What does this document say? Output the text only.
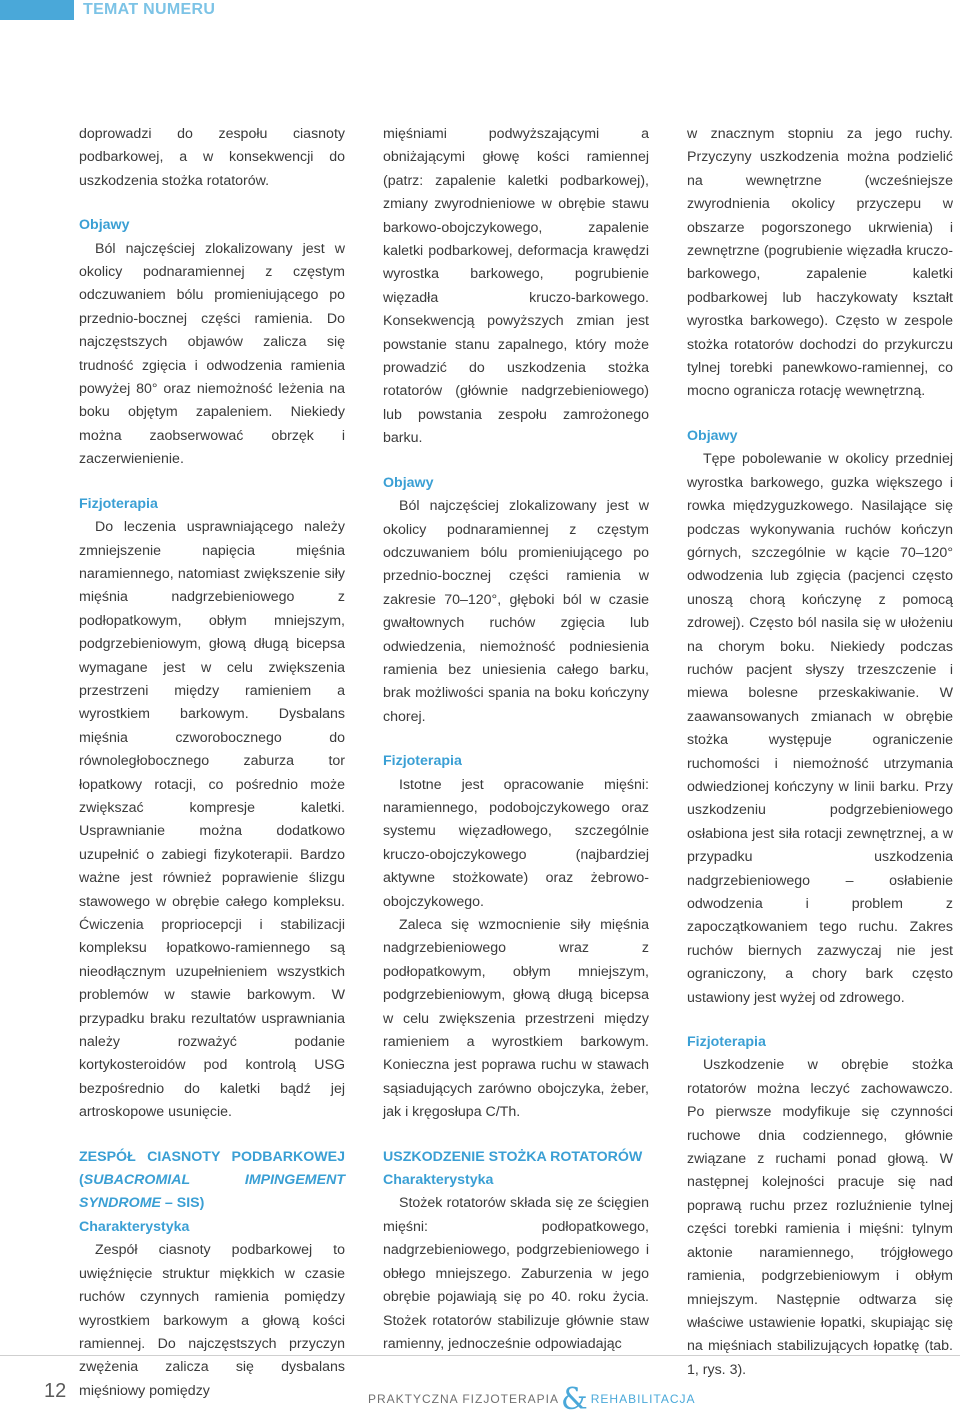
TEMAT NUMERU

doprowadzi do zespołu ciasnoty podbarkowej, a w konsekwencji do uszkodzenia stożka rotatorów.

Objawy

Ból najczęściej zlokalizowany jest w okolicy podnaramiennej z częstym odczuwaniem bólu promieniującego po przednio-bocznej części ramienia. Do najczęstszych objawów zalicza się trudność zgięcia i odwodzenia ramienia powyżej 80° oraz niemożność leżenia na boku objętym zapaleniem. Niekiedy można zaobserwować obrzęk i zaczerwienienie.

Fizjoterapia

Do leczenia usprawniającego należy zmniejszenie napięcia mięśnia naramiennego, natomiast zwiększenie siły mięśnia nadgrzebieniowego z podłopatkowym, obłym mniejszym, podgrzebieniowym, głową długą bicepsa wymagane jest w celu zwiększenia przestrzeni między ramieniem a wyrostkiem barkowym. Dysbalans mięśnia czworobocznego do równoległobocznego zaburza tor łopatkowy rotacji, co pośrednio może zwiększać kompresje kaletki. Usprawnianie można dodatkowo uzupełnić o zabiegi fizykoterapii. Bardzo ważne jest również poprawienie ślizgu stawowego w obrębie całego kompleksu. Ćwiczenia propriocepcji i stabilizacji kompleksu łopatkowo-ramiennego są nieodłącznym uzupełnieniem wszystkich problemów w stawie barkowym. W przypadku braku rezultatów usprawniania należy rozważyć podanie kortykosteroidów pod kontrolą USG bezpośrednio do kaletki bądź jej artroskopowe usunięcie.

ZESPÓŁ CIASNOTY PODBARKOWEJ (SUBACROMIAL IMPINGEMENT SYNDROME – SIS)

Charakterystyka

Zespół ciasnoty podbarkowej to uwięźnięcie struktur miękkich w czasie ruchów czynnych ramienia pomiędzy wyrostkiem barkowym a głową kości ramiennej. Do najczęstszych przyczyn zwężenia zalicza się dysbalans mięśniowy pomiędzy

mięśniami podwyższającymi a obniżającymi głowę kości ramiennej (patrz: zapalenie kaletki podbarkowej), zmiany zwyrodnieniowe w obrębie stawu barkowo-obojczykowego, zapalenie kaletki podbarkowej, deformacja krawędzi wyrostka barkowego, pogrubienie więzadła kruczo-barkowego. Konsekwencją powyższych zmian jest powstanie stanu zapalnego, który może prowadzić do uszkodzenia stożka rotatorów (głównie nadgrzebieniowego) lub powstania zespołu zamrożonego barku.

Objawy

Ból najczęściej zlokalizowany jest w okolicy podnaramiennej z częstym odczuwaniem bólu promieniującego po przednio-bocznej części ramienia w zakresie 70–120°, głęboki ból w czasie gwałtownych ruchów zgięcia lub odwiedzenia, niemożność podniesienia ramienia bez uniesienia całego barku, brak możliwości spania na boku kończyny chorej.

Fizjoterapia

Istotne jest opracowanie mięśni: naramiennego, podobojczykowego oraz systemu więzadłowego, szczególnie kruczo-obojczykowego (najbardziej aktywne stożkowate) oraz żebrowo-obojczykowego.

Zaleca się wzmocnienie siły mięśnia nadgrzebieniowego wraz z podłopatkowym, obłym mniejszym, podgrzebieniowym, głową długą bicepsa w celu zwiększenia przestrzeni między ramieniem a wyrostkiem barkowym. Konieczna jest poprawa ruchu w stawach sąsiadujących zarówno obojczyka, żeber, jak i kręgosłupa C/Th.

USZKODZENIE STOŻKA ROTATORÓW

Charakterystyka

Stożek rotatorów składa się ze ścięgien mięśni: podłopatkowego, nadgrzebieniowego, podgrzebieniowego i obłego mniejszego. Zaburzenia w jego obrębie pojawiają się po 40. roku życia. Stożek rotatorów stabilizuje głównie staw ramienny, jednocześnie odpowiadając

w znacznym stopniu za jego ruchy. Przyczyny uszkodzenia można podzielić na wewnętrzne (wcześniejsze zwyrodnienia okolicy przyczepu w obszarze pogorszonego ukrwienia) i zewnętrzne (pogrubienie więzadła kruczo-barkowego, zapalenie kaletki podbarkowej lub haczykowaty kształt wyrostka barkowego). Często w zespole stożka rotatorów dochodzi do przykurczu tylnej torebki panewkowo-ramiennej, co mocno ogranicza rotację wewnętrzną.

Objawy

Tępe pobolewanie w okolicy przedniej wyrostka barkowego, guzka większego i rowka międzyguzkowego. Nasilające się podczas wykonywania ruchów kończyn górnych, szczególnie w kącie 70–120° odwodzenia lub zgięcia (pacjenci często unoszą chorą kończynę z pomocą zdrowej). Często ból nasila się w ułożeniu na chorym boku. Niekiedy podczas ruchów pacjent słyszy trzeszczenie i miewa bolesne przeskakiwanie. W zaawansowanych zmianach w obrębie stożka występuje ograniczenie ruchomości i niemożność utrzymania odwiedzionej kończyny w linii barku. Przy uszkodzeniu podgrzebieniowego osłabiona jest siła rotacji zewnętrznej, a w przypadku uszkodzenia nadgrzebieniowego – osłabienie odwodzenia i problem z zapoczątkowaniem tego ruchu. Zakres ruchów biernych zazwyczaj nie jest ograniczony, a chory bark często ustawiony jest wyżej od zdrowego.

Fizjoterapia

Uszkodzenie w obrębie stożka rotatorów można leczyć zachowawczo. Po pierwsze modyfikuje się czynności ruchowe dnia codziennego, głównie związane z ruchami ponad głową. W następnej kolejności pracuje się nad poprawą ruchu przez rozluźnienie tylnej części torebki ramienia i mięśni: tylnym aktonie naramiennego, trójgłowego ramienia, podgrzebieniowym i obłym mniejszym. Następnie odtwarza się właściwe ustawienie łopatki, skupiając się na mięśniach stabilizujących łopatkę (tab. 1, rys. 3).

12	PRAKTYCZNA FIZJOTERAPIA& REHABILITACJA
